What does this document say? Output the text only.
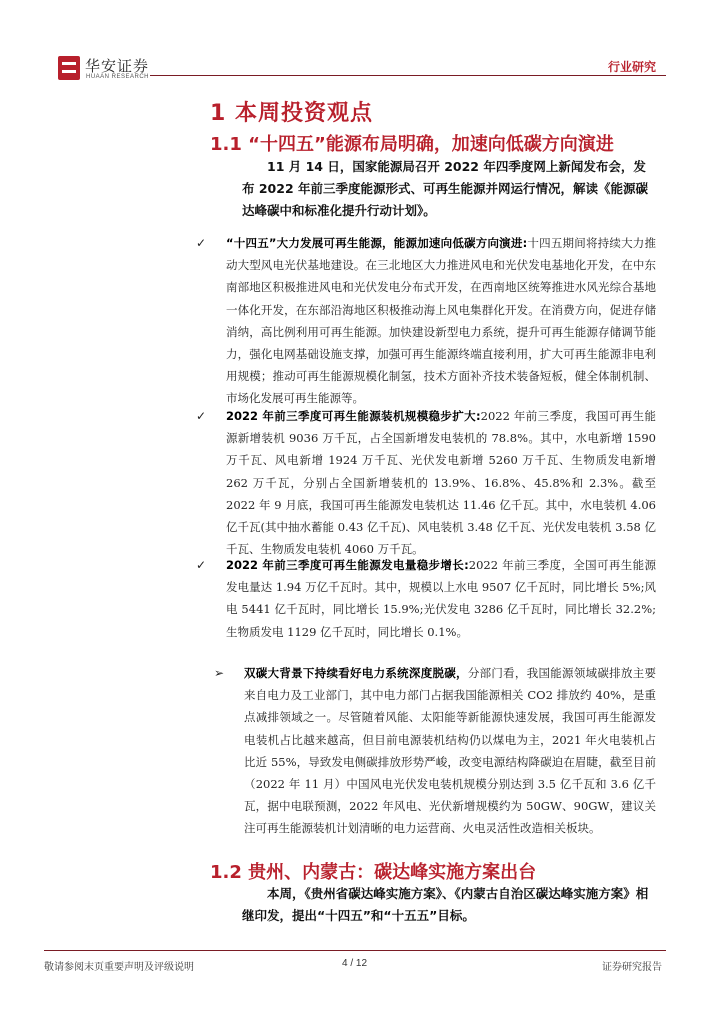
华安证券
HUAAN RESEARCH
行业研究
1 本周投资观点
1.1 “十四五”能源布局明确，加速向低碳方向演进
11 月 14 日，国家能源局召开 2022 年四季度网上新闻发布会，发布 2022 年前三季度能源形式、可再生能源并网运行情况，解读《能源碳达峰碳中和标准化提升行动计划》。
✓	“十四五”大力发展可再生能源，能源加速向低碳方向演进:十四五期间将持续大力推动大型风电光伏基地建设。在三北地区大力推进风电和光伏发电基地化开发，在中东南部地区积极推进风电和光伏发电分布式开发，在西南地区统筹推进水风光综合基地一体化开发，在东部沿海地区积极推动海上风电集群化开发。在消费方向，促进存储消纳，高比例利用可再生能源。加快建设新型电力系统，提升可再生能源存储调节能力，强化电网基础设施支撑，加强可再生能源终端直接利用，扩大可再生能源非电利用规模；推动可再生能源规模化制氢，技术方面补齐技术装备短板，健全体制机制、市场化发展可再生能源等。
✓	2022 年前三季度可再生能源装机规模稳步扩大:2022 年前三季度，我国可再生能源新增装机 9036 万千瓦，占全国新增发电装机的 78.8%。其中，水电新增 1590 万千瓦、风电新增 1924 万千瓦、光伏发电新增 5260 万千瓦、生物质发电新增 262 万千瓦，分别占全国新增装机的 13.9%、16.8%、45.8%和 2.3%。截至 2022 年 9 月底，我国可再生能源发电装机达 11.46 亿千瓦。其中，水电装机 4.06 亿千瓦(其中抽水蓄能 0.43 亿千瓦)、风电装机 3.48 亿千瓦、光伏发电装机 3.58 亿千瓦、生物质发电装机 4060 万千瓦。
✓	2022 年前三季度可再生能源发电量稳步增长:2022 年前三季度，全国可再生能源发电量达 1.94 万亿千瓦时。其中，规模以上水电 9507 亿千瓦时，同比增长 5%;风电 5441 亿千瓦时，同比增长 15.9%;光伏发电 3286 亿千瓦时，同比增长 32.2%;生物质发电 1129 亿千瓦时，同比增长 0.1%。
➢	双碳大背景下持续看好电力系统深度脱碳，分部门看，我国能源领域碳排放主要来自电力及工业部门，其中电力部门占据我国能源相关 CO2 排放约 40%，是重点减排领域之一。尽管随着风能、太阳能等新能源快速发展，我国可再生能源发电装机占比越来越高，但目前电源装机结构仍以煤电为主，2021 年火电装机占比近 55%，导致发电侧碳排放形势严峻，改变电源结构降碳迫在眉睫，截至目前（2022 年 11 月）中国风电光伏发电装机规模分别达到 3.5 亿千瓦和 3.6 亿千瓦，据中电联预测，2022 年风电、光伏新增规模约为 50GW、90GW，建议关注可再生能源装机计划清晰的电力运营商、火电灵活性改造相关板块。
1.2 贵州、内蒙古：碳达峰实施方案出台
本周，《贵州省碳达峰实施方案》、《内蒙古自治区碳达峰实施方案》相继印发，提出“十四五”和“十五五”目标。
敬请参阅末页重要声明及评级说明	4 / 12	证券研究报告
